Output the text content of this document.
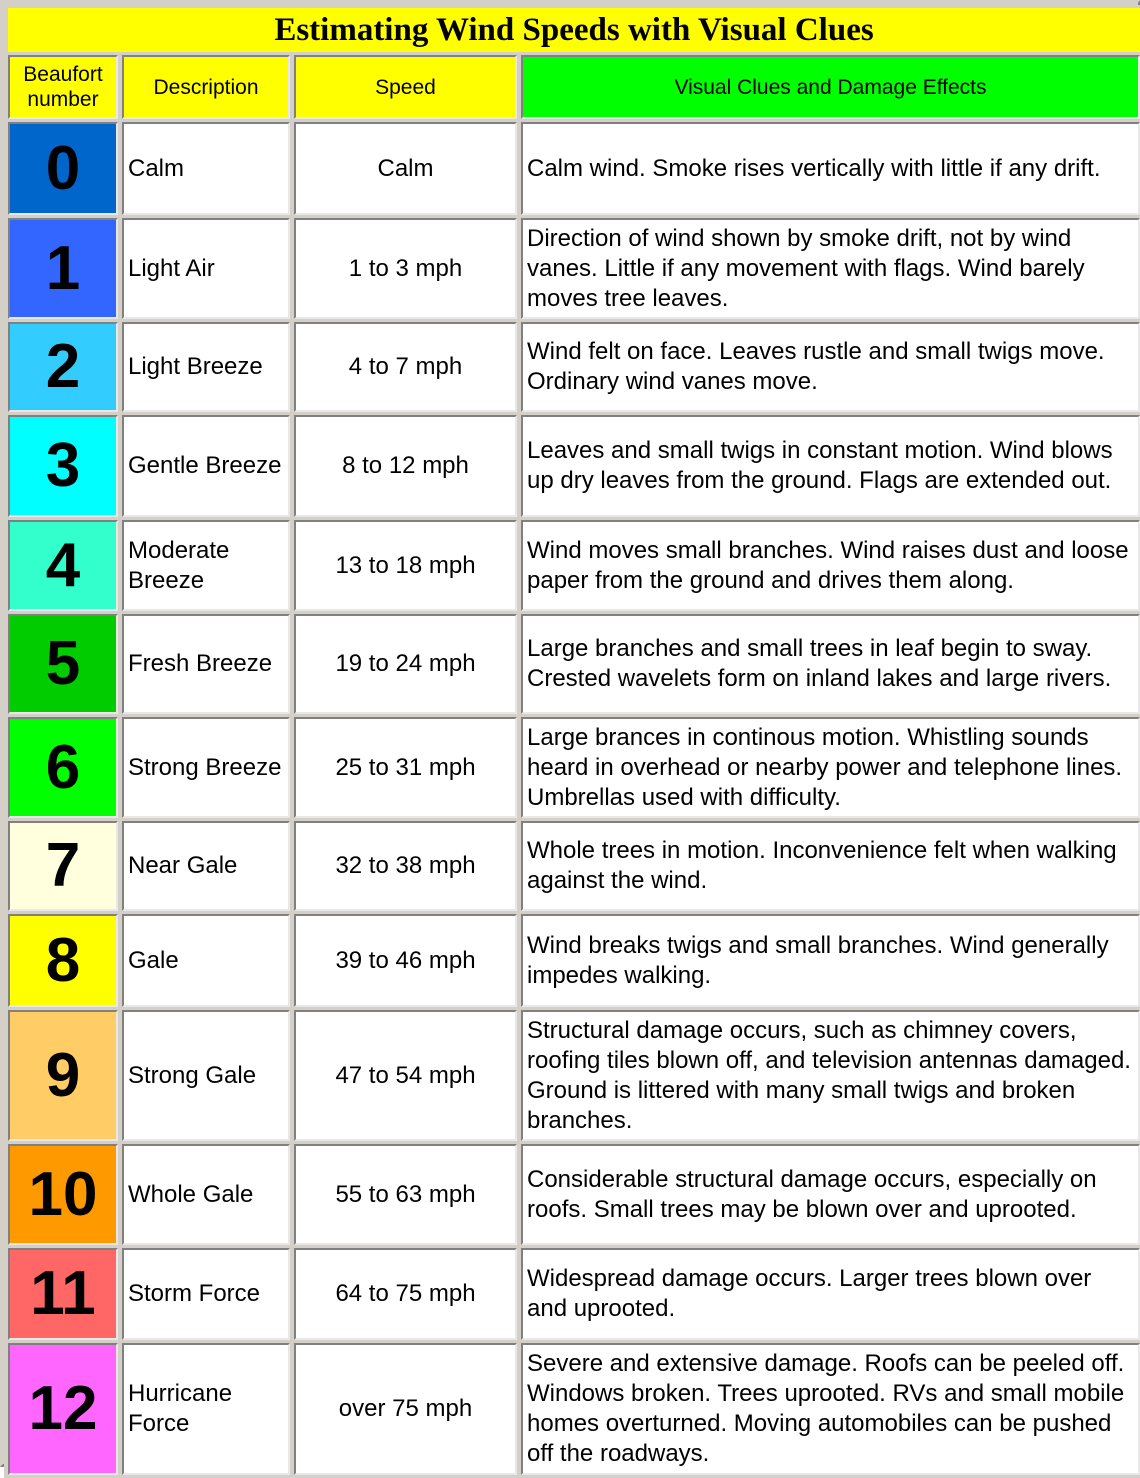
Estimating Wind Speeds with Visual Clues			
Beaufort number	Description	Speed	Visual Clues and Damage Effects
0	Calm	Calm	Calm wind. Smoke rises vertically with little if any drift.
1	Light Air	1 to 3 mph	Direction of wind shown by smoke drift, not by wind vanes. Little if any movement with flags. Wind barely moves tree leaves.
2	Light Breeze	4 to 7 mph	Wind felt on face. Leaves rustle and small twigs move. Ordinary wind vanes move.
3	Gentle Breeze	8 to 12 mph	Leaves and small twigs in constant motion. Wind blows up dry leaves from the ground. Flags are extended out.
4	Moderate Breeze	13 to 18 mph	Wind moves small branches. Wind raises dust and loose paper from the ground and drives them along.
5	Fresh Breeze	19 to 24 mph	Large branches and small trees in leaf begin to sway. Crested wavelets form on inland lakes and large rivers.
6	Strong Breeze	25 to 31 mph	Large brances in continous motion. Whistling sounds heard in overhead or nearby power and telephone lines. Umbrellas used with difficulty.
7	Near Gale	32 to 38 mph	Whole trees in motion. Inconvenience felt when walking against the wind.
8	Gale	39 to 46 mph	Wind breaks twigs and small branches. Wind generally impedes walking.
9	Strong Gale	47 to 54 mph	Structural damage occurs, such as chimney covers, roofing tiles blown off, and television antennas damaged. Ground is littered with many small twigs and broken branches.
10	Whole Gale	55 to 63 mph	Considerable structural damage occurs, especially on roofs. Small trees may be blown over and uprooted.
11	Storm Force	64 to 75 mph	Widespread damage occurs. Larger trees blown over and uprooted.
12	Hurricane Force	over 75 mph	Severe and extensive damage. Roofs can be peeled off. Windows broken. Trees uprooted. RVs and small mobile homes overturned. Moving automobiles can be pushed off the roadways.
